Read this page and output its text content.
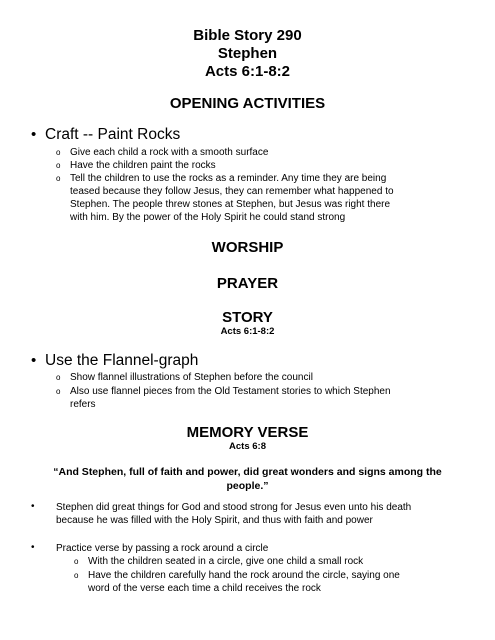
Bible Story 290
Stephen
Acts 6:1-8:2
OPENING ACTIVITIES
• Craft -- Paint Rocks
o Give each child a rock with a smooth surface
o Have the children paint the rocks
o Tell the children to use the rocks as a reminder. Any time they are being
teased because they follow Jesus, they can remember what happened to
Stephen. The people threw stones at Stephen, but Jesus was right there
with him. By the power of the Holy Spirit he could stand strong
WORSHIP
PRAYER
STORY
Acts 6:1-8:2
• Use the Flannel-graph
o Show flannel illustrations of Stephen before the council
o Also use flannel pieces from the Old Testament stories to which Stephen
refers
MEMORY VERSE
Acts 6:8
“And Stephen, full of faith and power, did great wonders and signs among the
people.”
• Stephen did great things for God and stood strong for Jesus even unto his death
because he was filled with the Holy Spirit, and thus with faith and power
• Practice verse by passing a rock around a circle
o With the children seated in a circle, give one child a small rock
o Have the children carefully hand the rock around the circle, saying one
word of the verse each time a child receives the rock
